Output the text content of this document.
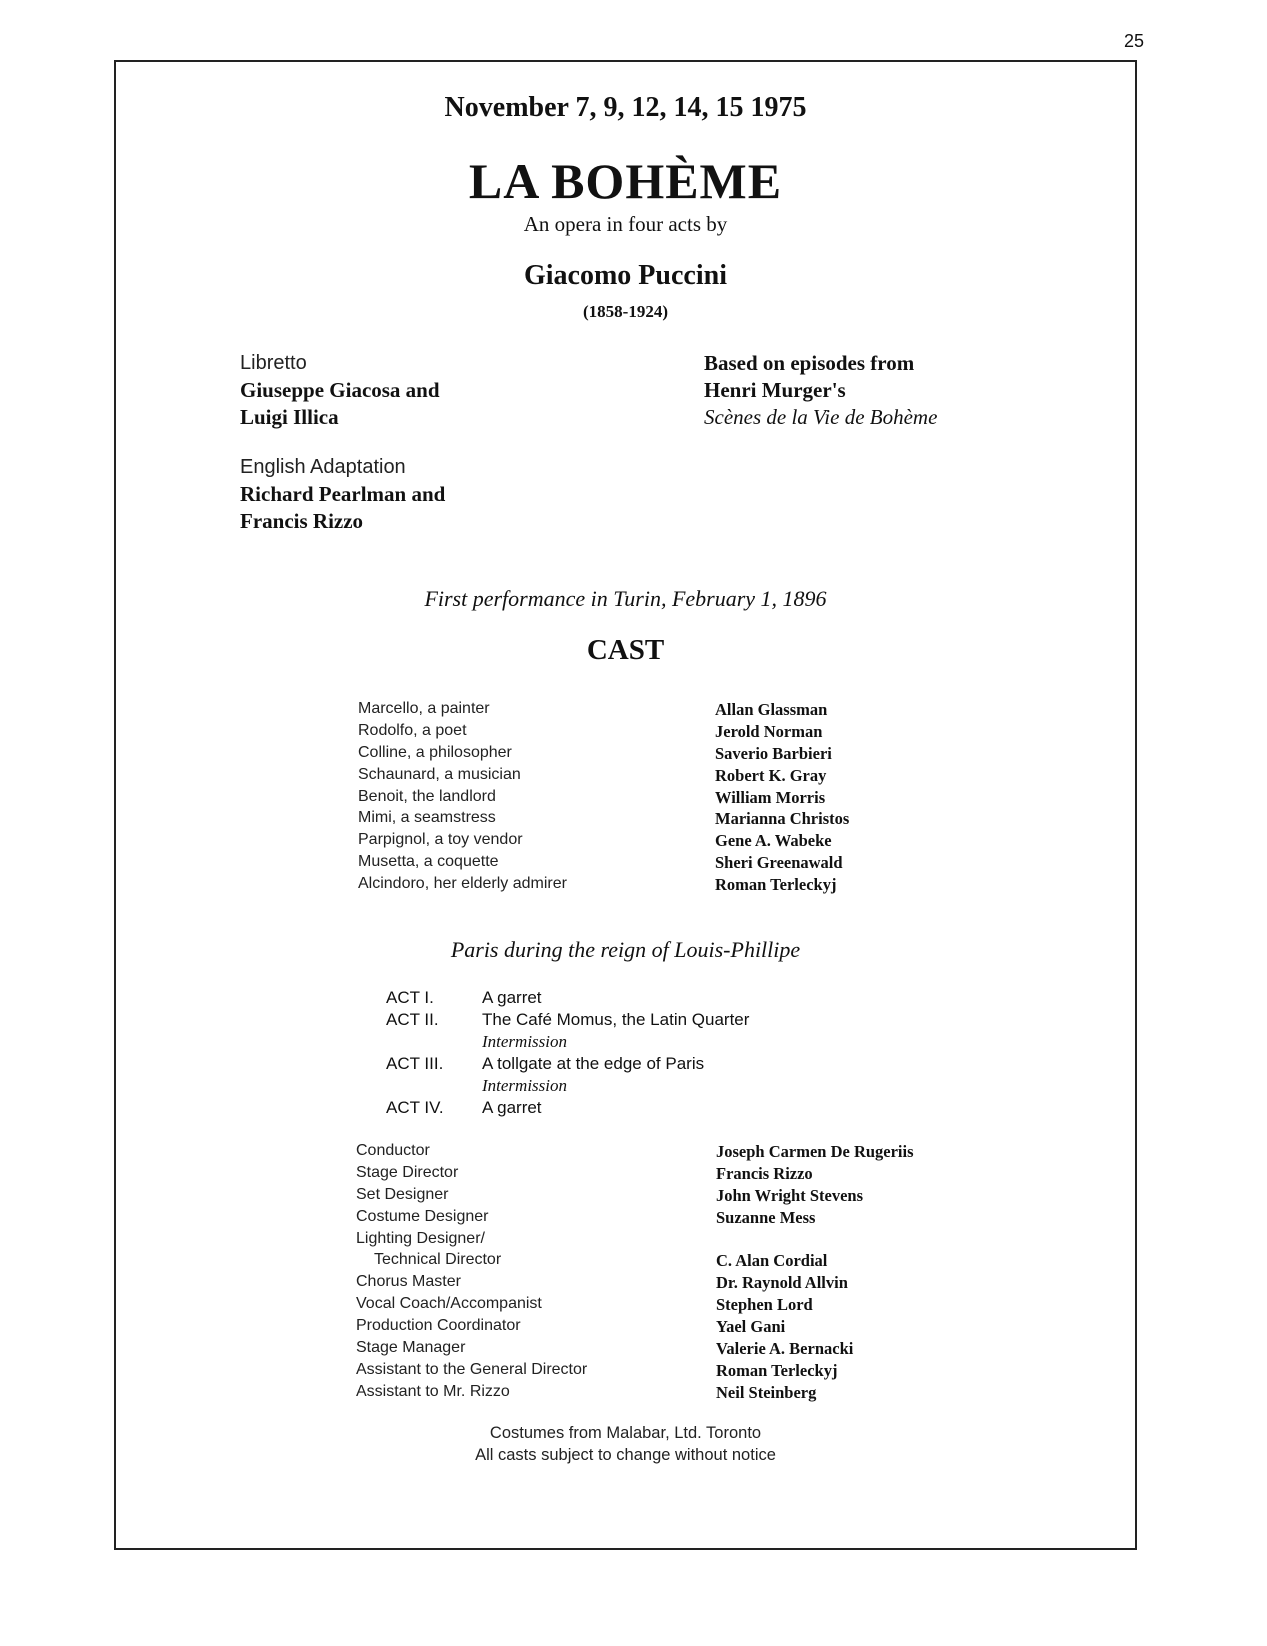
25
November 7, 9, 12, 14, 15 1975
LA BOHÈME
An opera in four acts by
Giacomo Puccini
(1858-1924)
Libretto
Giuseppe Giacosa and
Luigi Illica
English Adaptation
Richard Pearlman and
Francis Rizzo
Based on episodes from
Henri Murger's
Scènes de la Vie de Bohème
First performance in Turin, February 1, 1896
CAST
Marcello, a painter	Allan Glassman
Rodolfo, a poet	Jerold Norman
Colline, a philosopher	Saverio Barbieri
Schaunard, a musician	Robert K. Gray
Benoit, the landlord	William Morris
Mimi, a seamstress	Marianna Christos
Parpignol, a toy vendor	Gene A. Wabeke
Musetta, a coquette	Sheri Greenawald
Alcindoro, her elderly admirer	Roman Terleckyj
Paris during the reign of Louis-Phillipe
ACT I.	A garret
ACT II.	The Café Momus, the Latin Quarter
Intermission
ACT III. A tollgate at the edge of Paris
Intermission
ACT IV. A garret
Conductor	Joseph Carmen De Rugeriis
Stage Director	Francis Rizzo
Set Designer	John Wright Stevens
Costume Designer	Suzanne Mess
Lighting Designer/
Technical Director	C. Alan Cordial
Chorus Master	Dr. Raynold Allvin
Vocal Coach/Accompanist	Stephen Lord
Production Coordinator	Yael Gani
Stage Manager	Valerie A. Bernacki
Assistant to the General Director	Roman Terleckyj
Assistant to Mr. Rizzo	Neil Steinberg
Costumes from Malabar, Ltd. Toronto
All casts subject to change without notice
